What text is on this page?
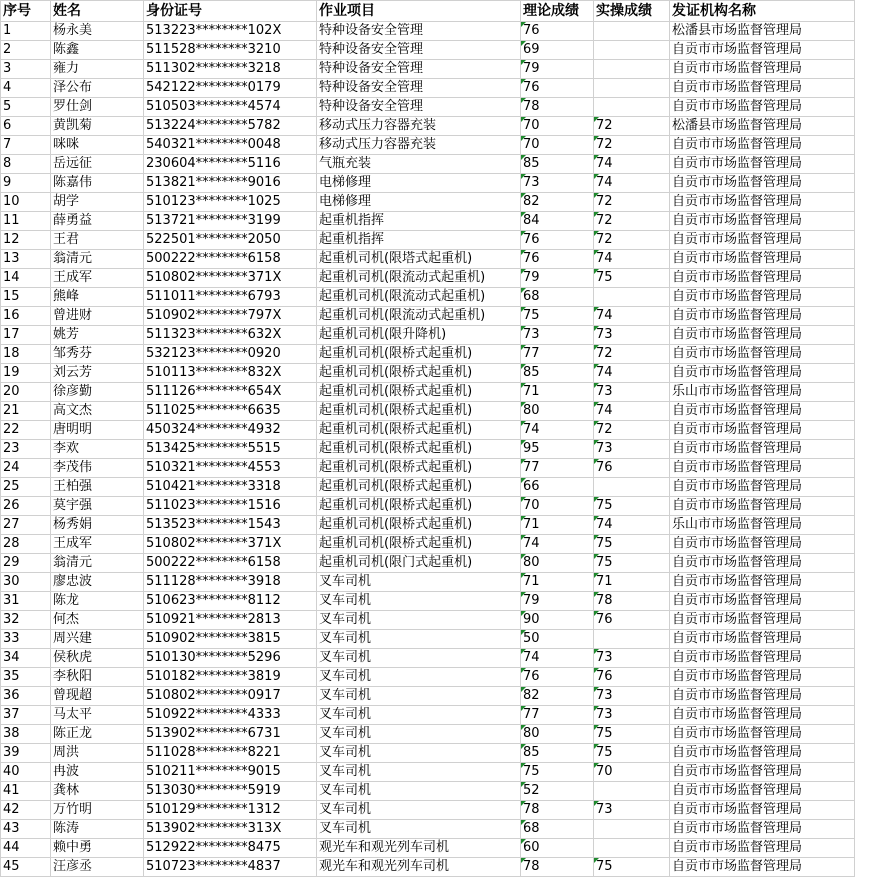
序号	姓名	身份证号	作业项目	理论成绩	实操成绩	发证机构名称
1	杨永美	513223********102X	特种设备安全管理	76		松潘县市场监督管理局
2	陈鑫	511528********3210	特种设备安全管理	69		自贡市市场监督管理局
3	雍力	511302********3218	特种设备安全管理	79		自贡市市场监督管理局
4	泽公布	542122********0179	特种设备安全管理	76		自贡市市场监督管理局
5	罗仕剑	510503********4574	特种设备安全管理	78		自贡市市场监督管理局
6	黄凯菊	513224********5782	移动式压力容器充装	70	72	松潘县市场监督管理局
7	咪咪	540321********0048	移动式压力容器充装	70	72	自贡市市场监督管理局
8	岳远征	230604********5116	气瓶充装	85	74	自贡市市场监督管理局
9	陈嘉伟	513821********9016	电梯修理	73	74	自贡市市场监督管理局
10	胡学	510123********1025	电梯修理	82	72	自贡市市场监督管理局
11	薛勇益	513721********3199	起重机指挥	84	72	自贡市市场监督管理局
12	王君	522501********2050	起重机指挥	76	72	自贡市市场监督管理局
13	翁清元	500222********6158	起重机司机(限塔式起重机)	76	74	自贡市市场监督管理局
14	王成军	510802********371X	起重机司机(限流动式起重机)	79	75	自贡市市场监督管理局
15	熊峰	511011********6793	起重机司机(限流动式起重机)	68		自贡市市场监督管理局
16	曾进财	510902********797X	起重机司机(限流动式起重机)	75	74	自贡市市场监督管理局
17	姚芳	511323********632X	起重机司机(限升降机)	73	73	自贡市市场监督管理局
18	邹秀芬	532123********0920	起重机司机(限桥式起重机)	77	72	自贡市市场监督管理局
19	刘云芳	510113********832X	起重机司机(限桥式起重机)	85	74	自贡市市场监督管理局
20	徐彦勤	511126********654X	起重机司机(限桥式起重机)	71	73	乐山市市场监督管理局
21	高文杰	511025********6635	起重机司机(限桥式起重机)	80	74	自贡市市场监督管理局
22	唐明明	450324********4932	起重机司机(限桥式起重机)	74	72	自贡市市场监督管理局
23	李欢	513425********5515	起重机司机(限桥式起重机)	95	73	自贡市市场监督管理局
24	李茂伟	510321********4553	起重机司机(限桥式起重机)	77	76	自贡市市场监督管理局
25	王柏强	510421********3318	起重机司机(限桥式起重机)	66		自贡市市场监督管理局
26	莫宇强	511023********1516	起重机司机(限桥式起重机)	70	75	自贡市市场监督管理局
27	杨秀娟	513523********1543	起重机司机(限桥式起重机)	71	74	乐山市市场监督管理局
28	王成军	510802********371X	起重机司机(限桥式起重机)	74	75	自贡市市场监督管理局
29	翁清元	500222********6158	起重机司机(限门式起重机)	80	75	自贡市市场监督管理局
30	廖忠波	511128********3918	叉车司机	71	71	自贡市市场监督管理局
31	陈龙	510623********8112	叉车司机	79	78	自贡市市场监督管理局
32	何杰	510921********2813	叉车司机	90	76	自贡市市场监督管理局
33	周兴建	510902********3815	叉车司机	50		自贡市市场监督管理局
34	侯秋虎	510130********5296	叉车司机	74	73	自贡市市场监督管理局
35	李秋阳	510182********3819	叉车司机	76	76	自贡市市场监督管理局
36	曾现超	510802********0917	叉车司机	82	73	自贡市市场监督管理局
37	马太平	510922********4333	叉车司机	77	73	自贡市市场监督管理局
38	陈正龙	513902********6731	叉车司机	80	75	自贡市市场监督管理局
39	周洪	511028********8221	叉车司机	85	75	自贡市市场监督管理局
40	冉波	510211********9015	叉车司机	75	70	自贡市市场监督管理局
41	龚林	513030********5919	叉车司机	52		自贡市市场监督管理局
42	万竹明	510129********1312	叉车司机	78	73	自贡市市场监督管理局
43	陈涛	513902********313X	叉车司机	68		自贡市市场监督管理局
44	赖中勇	512922********8475	观光车和观光列车司机	60		自贡市市场监督管理局
45	汪彦丞	510723********4837	观光车和观光列车司机	78	75	自贡市市场监督管理局
